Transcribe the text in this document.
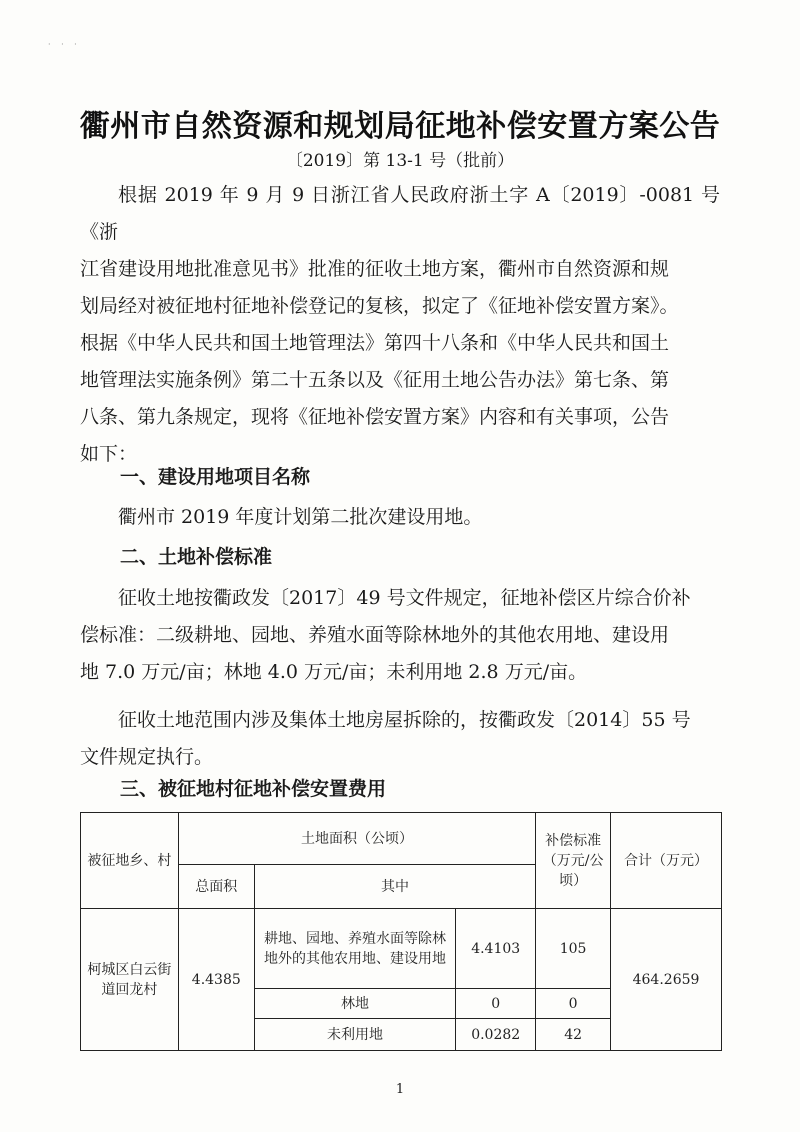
· · ·
衢州市自然资源和规划局征地补偿安置方案公告
〔2019〕第 13-1 号（批前）

根据 2019 年 9 月 9 日浙江省人民政府浙土字 A〔2019〕-0081 号《浙

江省建设用地批准意见书》批准的征收土地方案，衢州市自然资源和规

划局经对被征地村征地补偿登记的复核，拟定了《征地补偿安置方案》。

根据《中华人民共和国土地管理法》第四十八条和《中华人民共和国土

地管理法实施条例》第二十五条以及《征用土地公告办法》第七条、第

八条、第九条规定，现将《征地补偿安置方案》内容和有关事项，公告

如下：

一、建设用地项目名称

衢州市 2019 年度计划第二批次建设用地。

二、土地补偿标准

征收土地按衢政发〔2017〕49 号文件规定，征地补偿区片综合价补

偿标准：二级耕地、园地、养殖水面等除林地外的其他农用地、建设用

地 7.0 万元/亩；林地 4.0 万元/亩；未利用地 2.8 万元/亩。

征收土地范围内涉及集体土地房屋拆除的，按衢政发〔2014〕55 号

文件规定执行。

三、被征地村征地补偿安置费用
被征地乡、村	土地面积（公顷）			补偿标准（万元/公顷）	合计（万元）
	总面积	其中			
柯城区白云街道回龙村	4.4385	耕地、园地、养殖水面等除林地外的其他农用地、建设用地	4.4103	105	464.2659
		林地	0	0	
		未利用地	0.0282	42	
1
